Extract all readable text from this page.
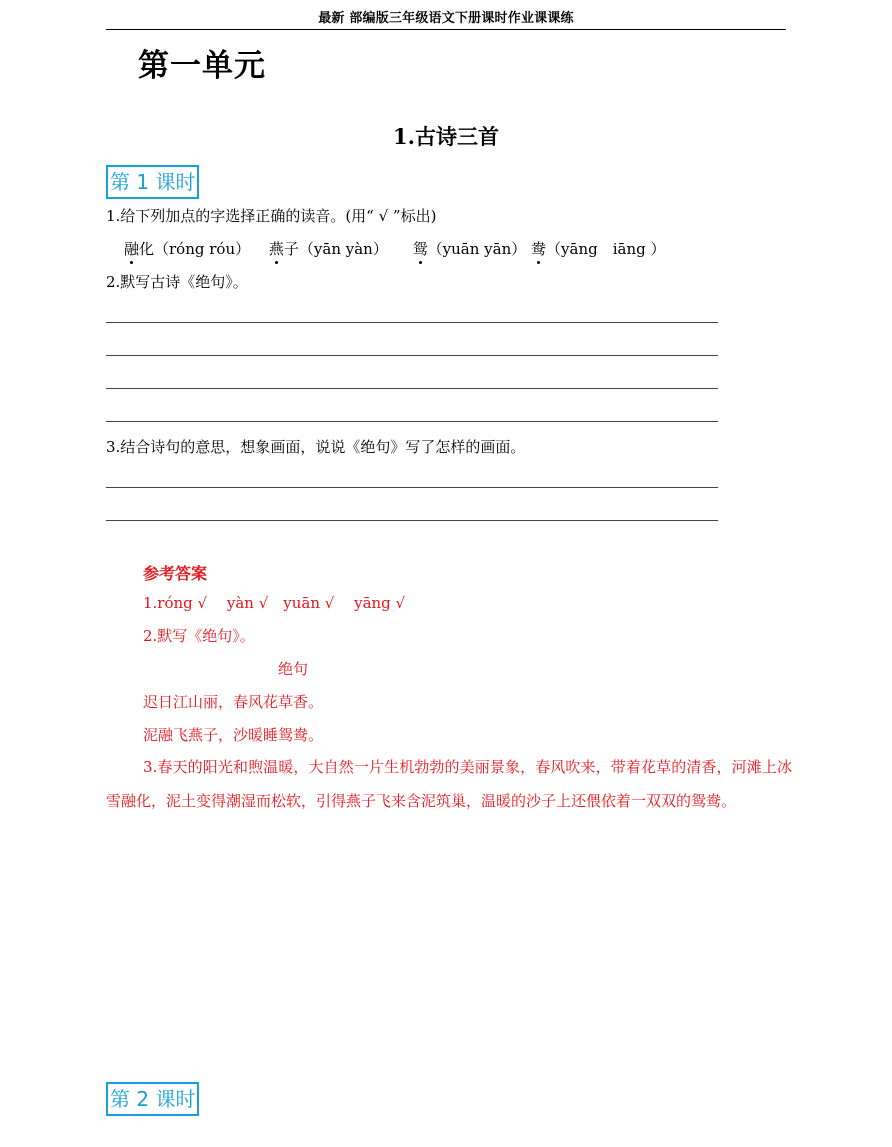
最新 部编版三年级语文下册课时作业课课练
第一单元
1.古诗三首
第 1 课时
1.给下列加点的字选择正确的读音。(用“ √ ”标出)
融化（róng róu） 燕子（yān yàn） 鸳（yuān yān） 鸯（yāng　iāng ）
2.默写古诗《绝句》。
3.结合诗句的意思，想象画面，说说《绝句》写了怎样的画面。
参考答案
1.róng √　 yàn √　yuān √　 yāng √
2.默写《绝句》。
绝句
迟日江山丽，春风花草香。
泥融飞燕子，沙暖睡鸳鸯。
3.春天的阳光和煦温暖，大自然一片生机勃勃的美丽景象，春风吹来，带着花草的清香，河滩上冰雪融化，泥土变得潮湿而松软，引得燕子飞来含泥筑巢，温暖的沙子上还偎依着一双双的鸳鸯。
第 2 课时
